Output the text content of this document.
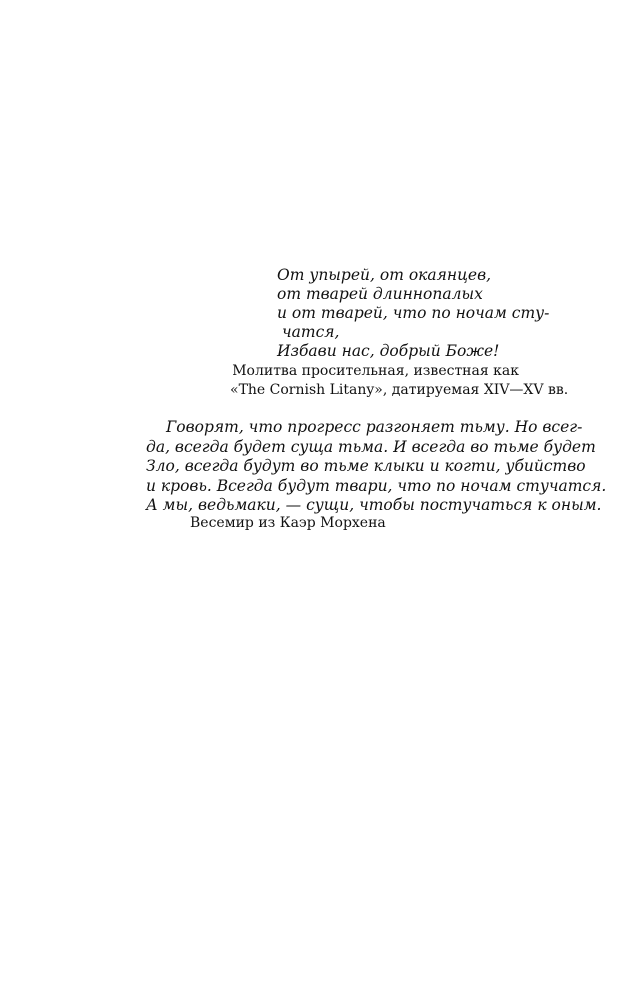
От упырей, от окаянцев,
от тварей длиннопалых
и от тварей, что по ночам сту-
чатся,
Избави нас, добрый Боже!
Молитва просительная, известная как
«The Cornish Litany», датируемая XIV—XV вв.
Говорят, что прогресс разгоняет тьму. Но всег-
да, всегда будет суща тьма. И всегда во тьме будет
Зло, всегда будут во тьме клыки и когти, убийство
и кровь. Всегда будут твари, что по ночам стучатся.
А мы, ведьмаки, — сущи, чтобы постучаться к оным.
Весемир из Каэр Морхена
